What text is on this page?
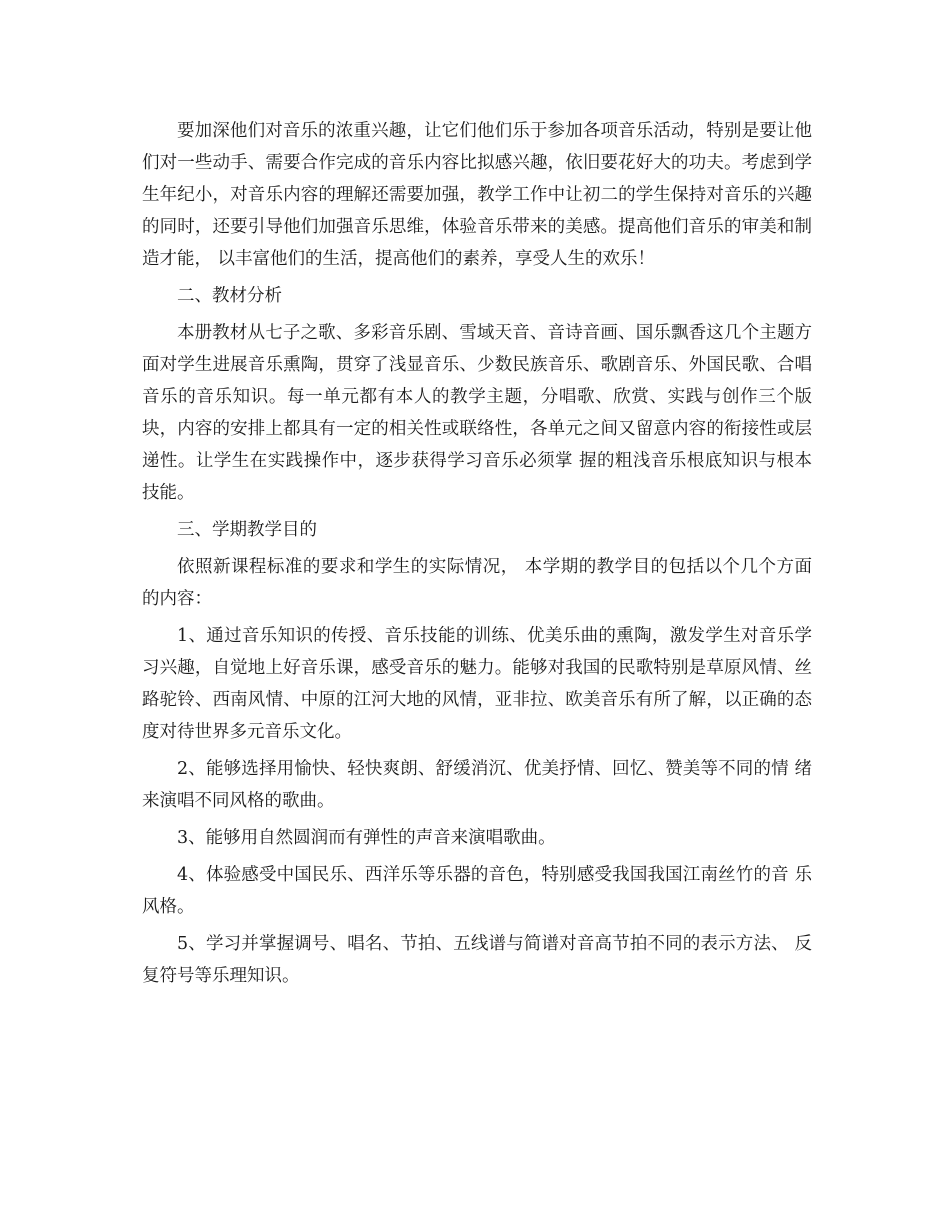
要加深他们对音乐的浓重兴趣，让它们他们乐于参加各项音乐活动，特别是要让他们对一些动手、需要合作完成的音乐内容比拟感兴趣，依旧要花好大的功夫。考虑到学生年纪小，对音乐内容的理解还需要加强，教学工作中让初二的学生保持对音乐的兴趣的同时，还要引导他们加强音乐思维，体验音乐带来的美感。提高他们音乐的审美和制造才能， 以丰富他们的生活，提高他们的素养，享受人生的欢乐！

二、教材分析

本册教材从七子之歌、多彩音乐剧、雪域天音、音诗音画、国乐飘香这几个主题方面对学生进展音乐熏陶，贯穿了浅显音乐、少数民族音乐、歌剧音乐、外国民歌、合唱音乐的音乐知识。每一单元都有本人的教学主题，分唱歌、欣赏、实践与创作三个版块，内容的安排上都具有一定的相关性或联络性，各单元之间又留意内容的衔接性或层递性。让学生在实践操作中，逐步获得学习音乐必须掌 握的粗浅音乐根底知识与根本技能。

三、学期教学目的

依照新课程标准的要求和学生的实际情况， 本学期的教学目的包括以个几个方面的内容：

1、通过音乐知识的传授、音乐技能的训练、优美乐曲的熏陶，激发学生对音乐学习兴趣，自觉地上好音乐课，感受音乐的魅力。能够对我国的民歌特别是草原风情、丝路驼铃、西南风情、中原的江河大地的风情，亚非拉、欧美音乐有所了解，以正确的态度对待世界多元音乐文化。

2、能够选择用愉快、轻快爽朗、舒缓消沉、优美抒情、回忆、赞美等不同的情 绪来演唱不同风格的歌曲。

3、能够用自然圆润而有弹性的声音来演唱歌曲。

4、体验感受中国民乐、西洋乐等乐器的音色，特别感受我国我国江南丝竹的音 乐风格。

5、学习并掌握调号、唱名、节拍、五线谱与简谱对音高节拍不同的表示方法、 反复符号等乐理知识。
